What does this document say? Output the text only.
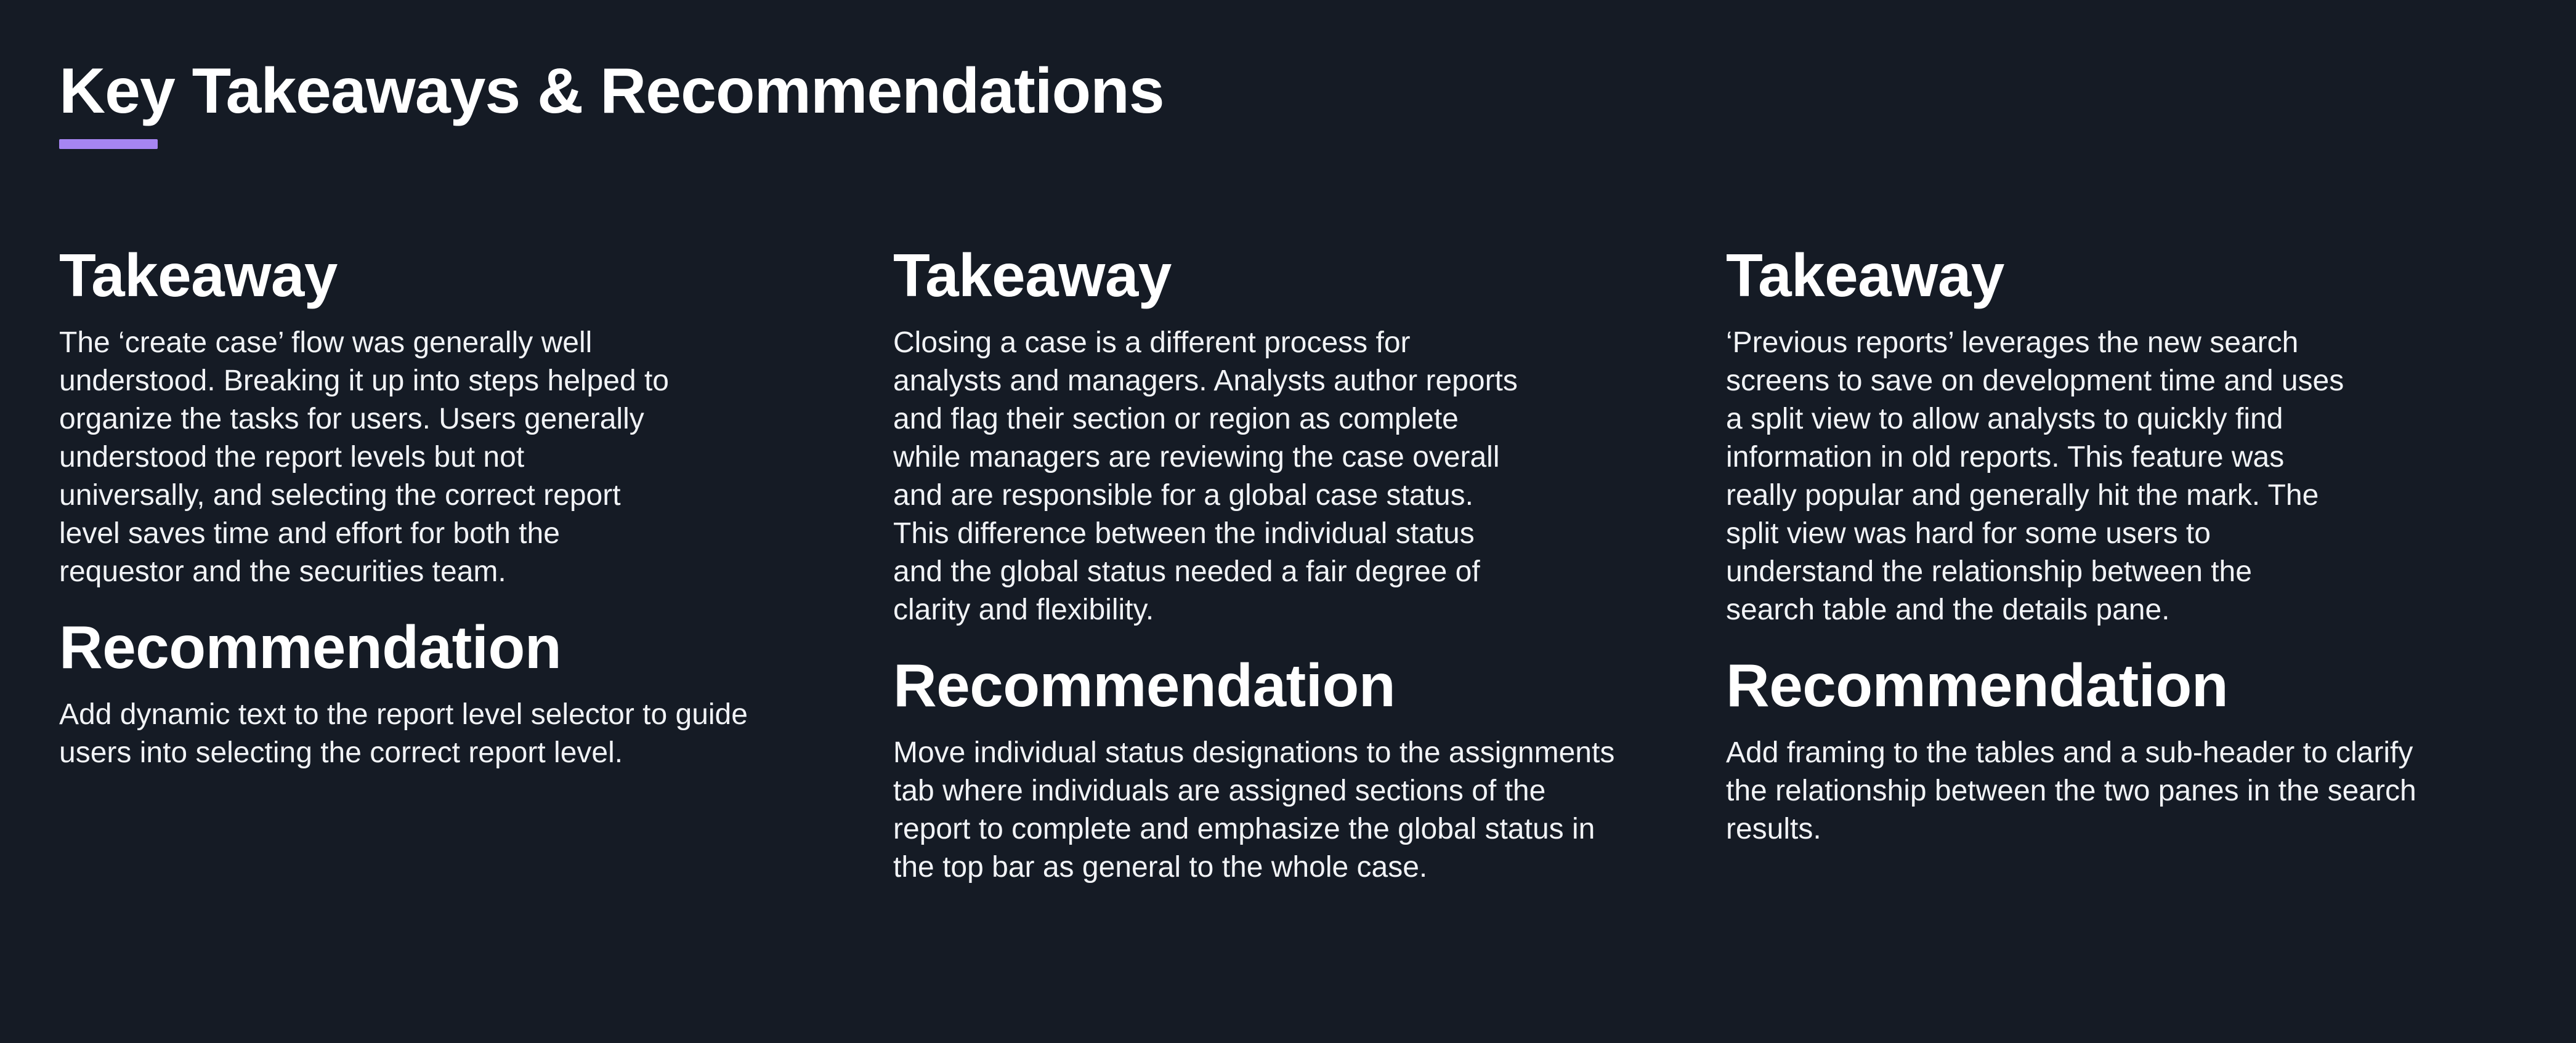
Key Takeaways & Recommendations
Takeaway

The ‘create case’ flow was generally well
understood. Breaking it up into steps helped to
organize the tasks for users. Users generally
understood the report levels but not
universally, and selecting the correct report
level saves time and effort for both the
requestor and the securities team.

Recommendation

Add dynamic text to the report level selector to guide
users into selecting the correct report level.

Takeaway

Closing a case is a different process for
analysts and managers. Analysts author reports
and flag their section or region as complete
while managers are reviewing the case overall
and are responsible for a global case status.
This difference between the individual status
and the global status needed a fair degree of
clarity and flexibility.

Recommendation

Move individual status designations to the assignments
tab where individuals are assigned sections of the
report to complete and emphasize the global status in
the top bar as general to the whole case.

Takeaway

‘Previous reports’ leverages the new search
screens to save on development time and uses
a split view to allow analysts to quickly find
information in old reports. This feature was
really popular and generally hit the mark. The
split view was hard for some users to
understand the relationship between the
search table and the details pane.

Recommendation

Add framing to the tables and a sub-header to clarify
the relationship between the two panes in the search
results.
